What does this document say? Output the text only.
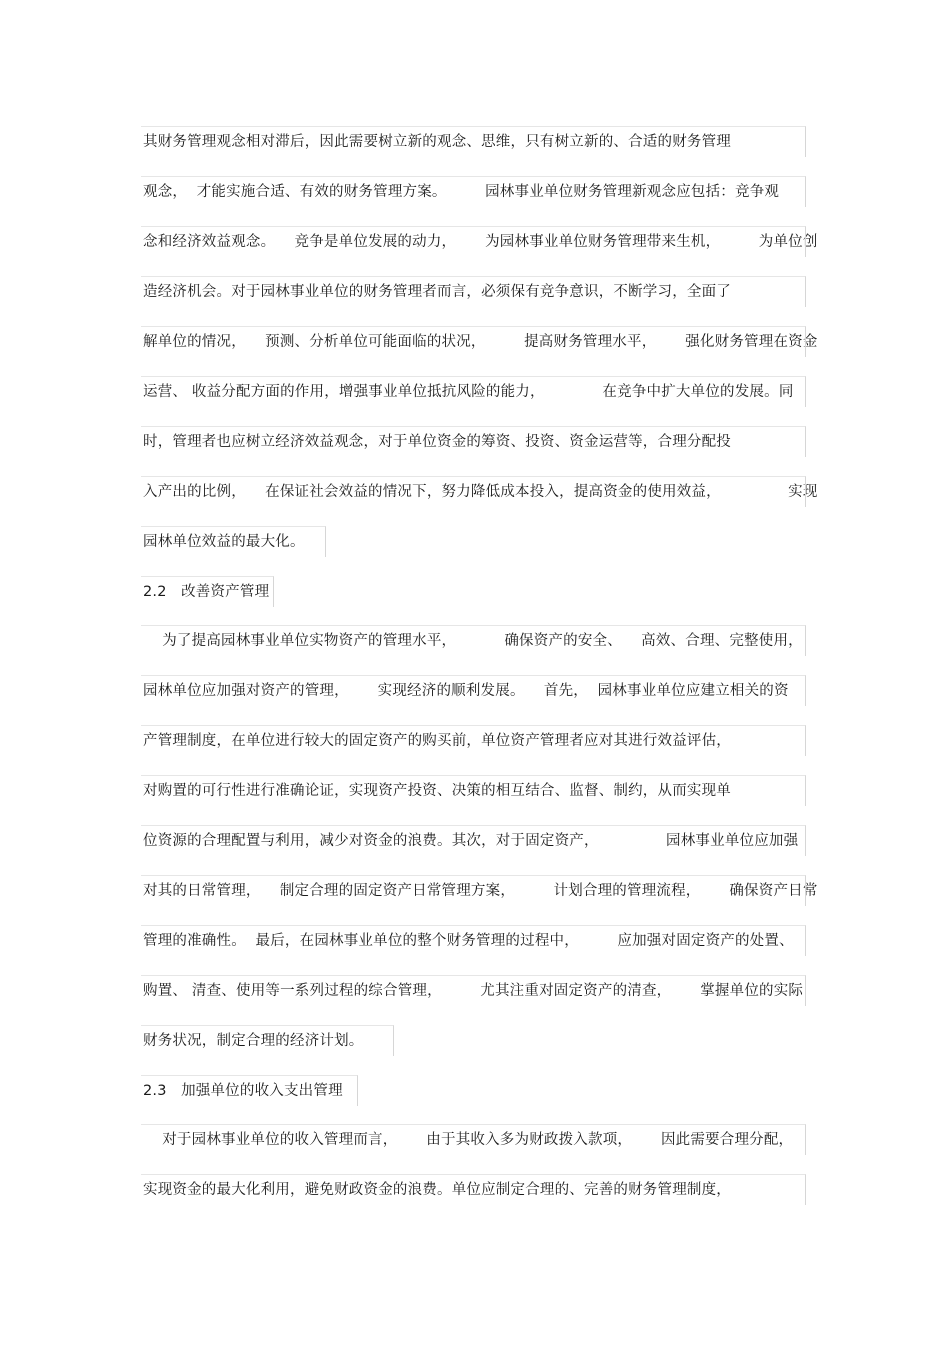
其财务管理观念相对滞后，因此需要树立新的观念、思维，只有树立新的、合适的财务管理
观念，  才能实施合适、有效的财务管理方案。        园林事业单位财务管理新观念应包括：竞争观
念和经济效益观念。    竞争是单位发展的动力，      为园林事业单位财务管理带来生机，        为单位创
造经济机会。对于园林事业单位的财务管理者而言，必须保有竞争意识，不断学习，全面了
解单位的情况，    预测、分析单位可能面临的状况，        提高财务管理水平，      强化财务管理在资金
运营、 收益分配方面的作用，增强事业单位抵抗风险的能力，            在竞争中扩大单位的发展。同
时，管理者也应树立经济效益观念，对于单位资金的筹资、投资、资金运营等，合理分配投
入产出的比例，    在保证社会效益的情况下，努力降低成本投入，提高资金的使用效益，              实现
园林单位效益的最大化。
2.2   改善资产管理
为了提高园林事业单位实物资产的管理水平，          确保资产的安全、    高效、合理、完整使用，
园林单位应加强对资产的管理，      实现经济的顺利发展。    首先，  园林事业单位应建立相关的资
产管理制度，在单位进行较大的固定资产的购买前，单位资产管理者应对其进行效益评估，
对购置的可行性进行准确论证，实现资产投资、决策的相互结合、监督、制约，从而实现单
位资源的合理配置与利用，减少对资金的浪费。其次，对于固定资产，              园林事业单位应加强
对其的日常管理，    制定合理的固定资产日常管理方案，        计划合理的管理流程，      确保资产日常
管理的准确性。  最后，在园林事业单位的整个财务管理的过程中，        应加强对固定资产的处置、
购置、 清查、使用等一系列过程的综合管理，        尤其注重对固定资产的清查，      掌握单位的实际
财务状况，制定合理的经济计划。
2.3   加强单位的收入支出管理
对于园林事业单位的收入管理而言，      由于其收入多为财政拨入款项，      因此需要合理分配，
实现资金的最大化利用，避免财政资金的浪费。单位应制定合理的、完善的财务管理制度，
